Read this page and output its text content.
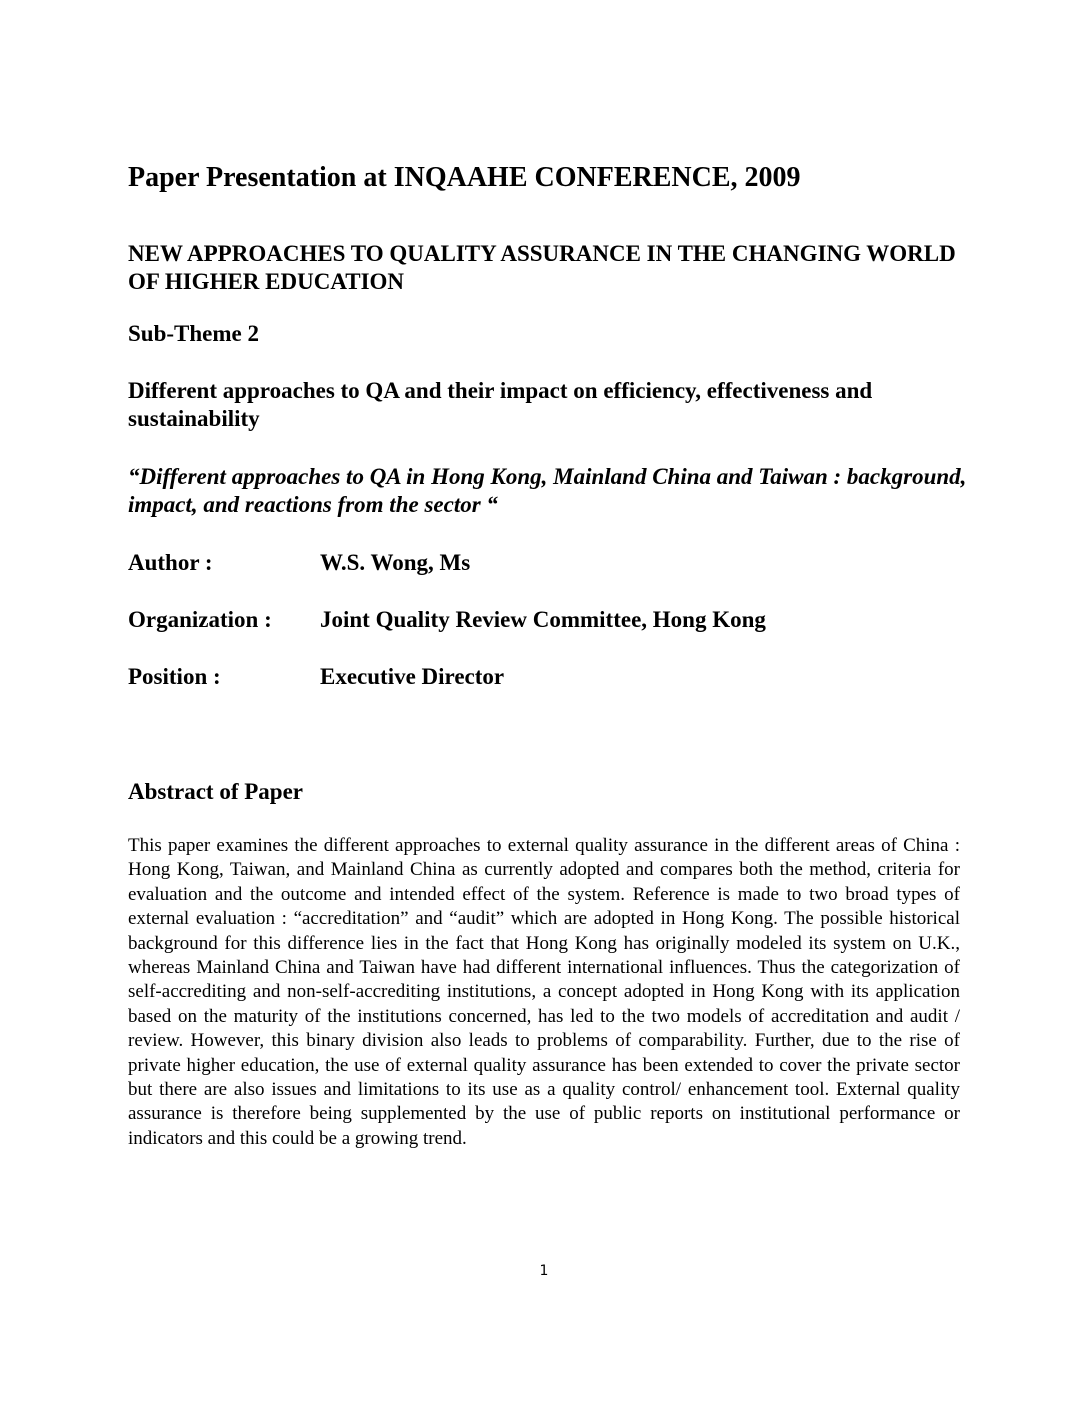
Paper Presentation at INQAAHE CONFERENCE, 2009
NEW APPROACHES TO QUALITY ASSURANCE IN THE CHANGING WORLD OF HIGHER EDUCATION
Sub-Theme 2
Different approaches to QA and their impact on efficiency, effectiveness and sustainability
“Different approaches to QA in Hong Kong, Mainland China and Taiwan : background, impact, and reactions from the sector “
Author :	W.S. Wong, Ms
Organization : Joint Quality Review Committee, Hong Kong
Position :	Executive Director
Abstract of Paper

This paper examines the different approaches to external quality assurance in the different areas of China : Hong Kong, Taiwan, and Mainland China as currently adopted and compares both the method, criteria for evaluation and the outcome and intended effect of the system. Reference is made to two broad types of external evaluation : “accreditation” and “audit” which are adopted in Hong Kong. The possible historical background for this difference lies in the fact that Hong Kong has originally modeled its system on U.K., whereas Mainland China and Taiwan have had different international influences. Thus the categorization of self-accrediting and non-self-accrediting institutions, a concept adopted in Hong Kong with its application based on the maturity of the institutions concerned, has led to the two models of accreditation and audit / review. However, this binary division also leads to problems of comparability. Further, due to the rise of private higher education, the use of external quality assurance has been extended to cover the private sector but there are also issues and limitations to its use as a quality control/ enhancement tool. External quality assurance is therefore being supplemented by the use of public reports on institutional performance or indicators and this could be a growing trend.

1
